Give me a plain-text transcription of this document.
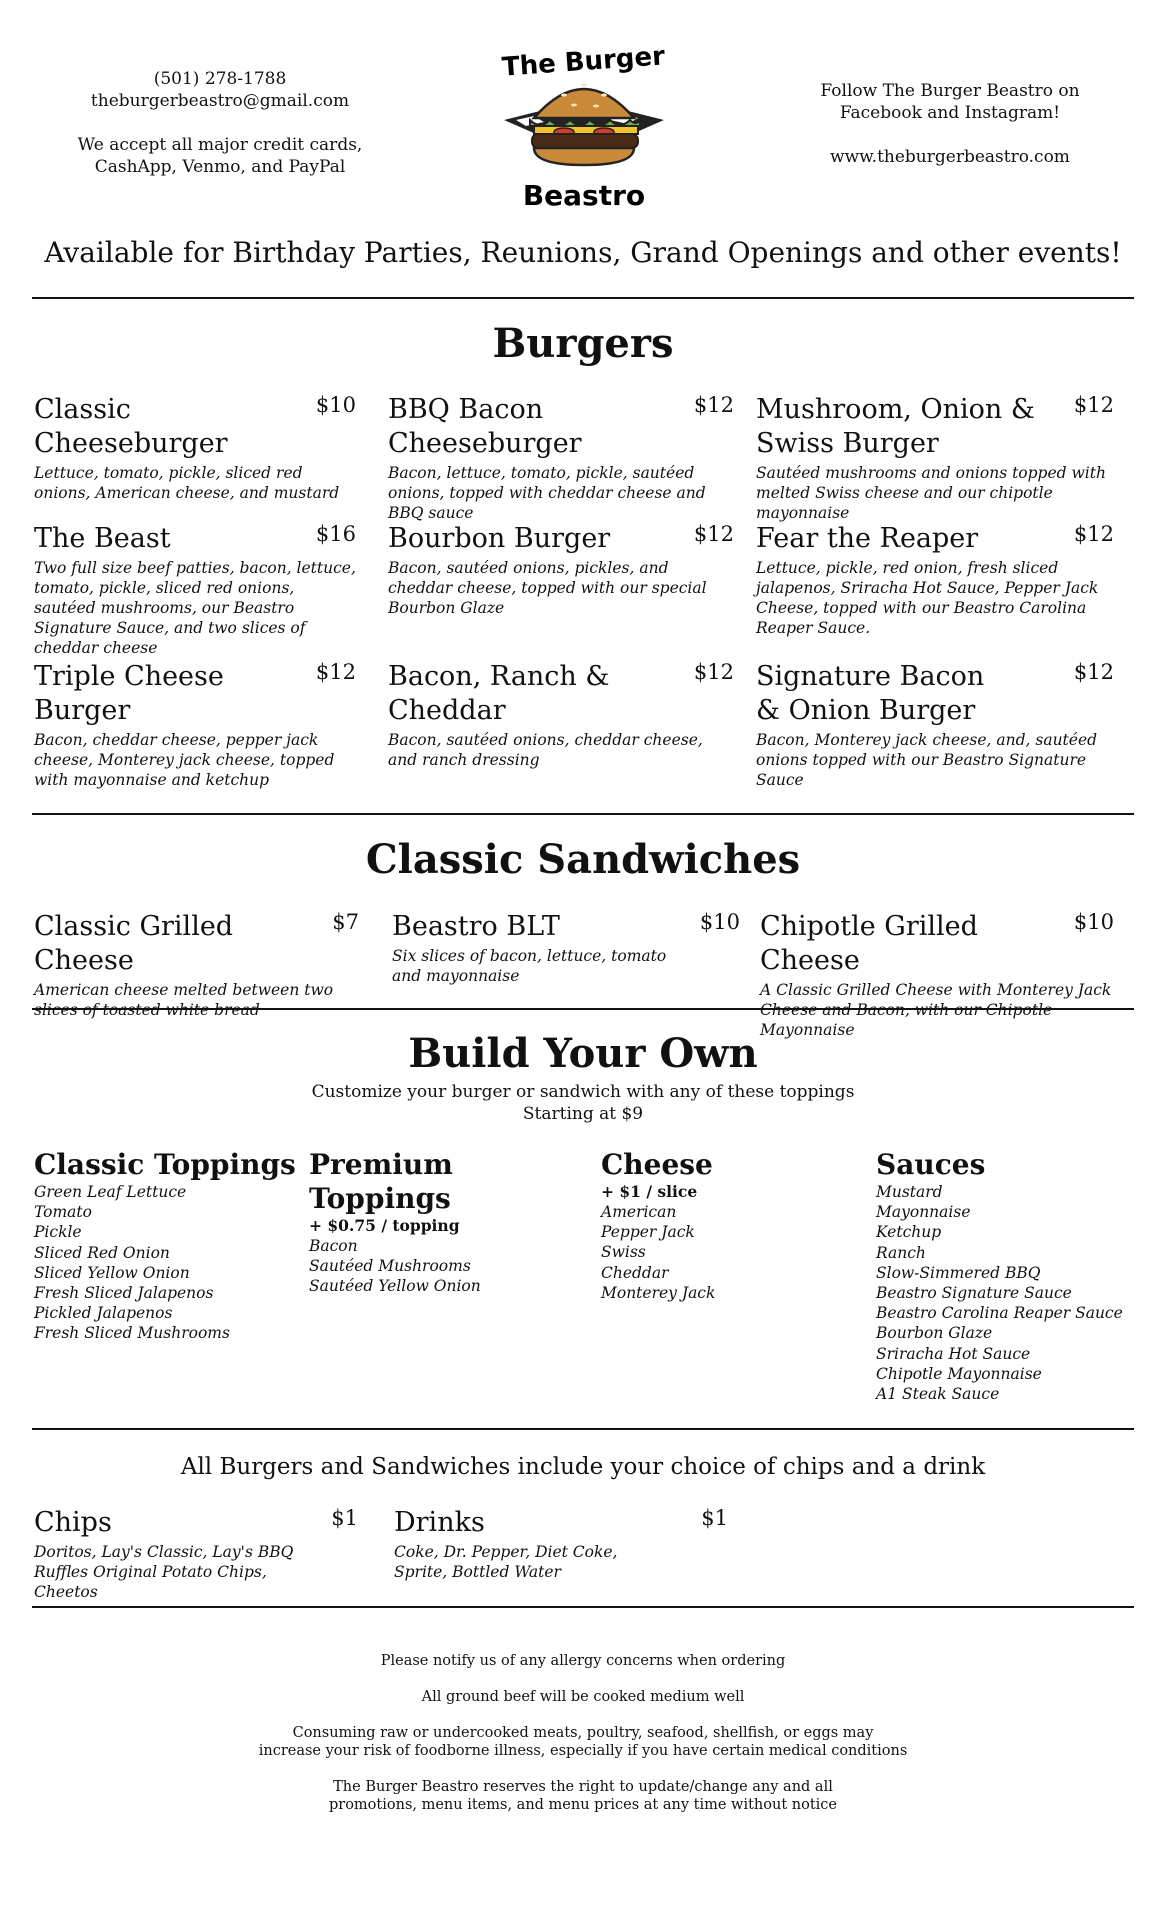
(501) 278-1788
theburgerbeastro@gmail.com
We accept all major credit cards,
CashApp, Venmo, and PayPal
The Burger
Beastro
Follow The Burger Beastro on
Facebook and Instagram!
www.theburgerbeastro.com
Available for Birthday Parties, Reunions, Grand Openings and other events!
Burgers
Classic Cheeseburger
$10
Lettuce, tomato, pickle, sliced red onions, American cheese, and mustard
BBQ Bacon Cheeseburger
$12
Bacon, lettuce, tomato, pickle, sautéed onions, topped with cheddar cheese and BBQ sauce
Mushroom, Onion & Swiss Burger
$12
Sautéed mushrooms and onions topped with melted Swiss cheese and our chipotle mayonnaise
The Beast	$16
Two full size beef patties, bacon, lettuce, tomato, pickle, sliced red onions, sautéed mushrooms, our Beastro Signature Sauce, and two slices of cheddar cheese
Bourbon Burger	$12
Bacon, sautéed onions, pickles, and cheddar cheese, topped with our special Bourbon Glaze
Fear the Reaper	$12
Lettuce, pickle, red onion, fresh sliced jalapenos, Sriracha Hot Sauce, Pepper Jack Cheese, topped with our Beastro Carolina Reaper Sauce.
Triple Cheese Burger
$12
Bacon, cheddar cheese, pepper jack cheese, Monterey jack cheese, topped with mayonnaise and ketchup
Bacon, Ranch & Cheddar
$12
Bacon, sautéed onions, cheddar cheese, and ranch dressing
Signature Bacon & Onion Burger
$12
Bacon, Monterey jack cheese, and, sautéed onions topped with our Beastro Signature Sauce
Classic Sandwiches
Classic Grilled Cheese
$7
American cheese melted between two slices of toasted white bread
Beastro BLT	$10
Six slices of bacon, lettuce, tomato and mayonnaise
Chipotle Grilled Cheese
$10
A Classic Grilled Cheese with Monterey Jack Cheese and Bacon, with our Chipotle Mayonnaise
Build Your Own
Customize your burger or sandwich with any of these toppings
Starting at $9
Classic Toppings
Green Leaf Lettuce
Tomato
Pickle
Sliced Red Onion
Sliced Yellow Onion
Fresh Sliced Jalapenos
Pickled Jalapenos
Fresh Sliced Mushrooms
Premium Toppings
+ $0.75 / topping
Bacon
Sautéed Mushrooms
Sautéed Yellow Onion
Cheese
+ $1 / slice
American
Pepper Jack
Swiss
Cheddar
Monterey Jack
Sauces
Mustard
Mayonnaise
Ketchup
Ranch
Slow-Simmered BBQ
Beastro Signature Sauce
Beastro Carolina Reaper Sauce
Bourbon Glaze
Sriracha Hot Sauce
Chipotle Mayonnaise
A1 Steak Sauce
All Burgers and Sandwiches include your choice of chips and a drink
Chips	$1
Doritos, Lay's Classic, Lay's BBQ Ruffles Original Potato Chips, Cheetos
Drinks	$1
Coke, Dr. Pepper, Diet Coke, Sprite, Bottled Water
Please notify us of any allergy concerns when ordering
All ground beef will be cooked medium well
Consuming raw or undercooked meats, poultry, seafood, shellfish, or eggs may
increase your risk of foodborne illness, especially if you have certain medical conditions
The Burger Beastro reserves the right to update/change any and all
promotions, menu items, and menu prices at any time without notice
